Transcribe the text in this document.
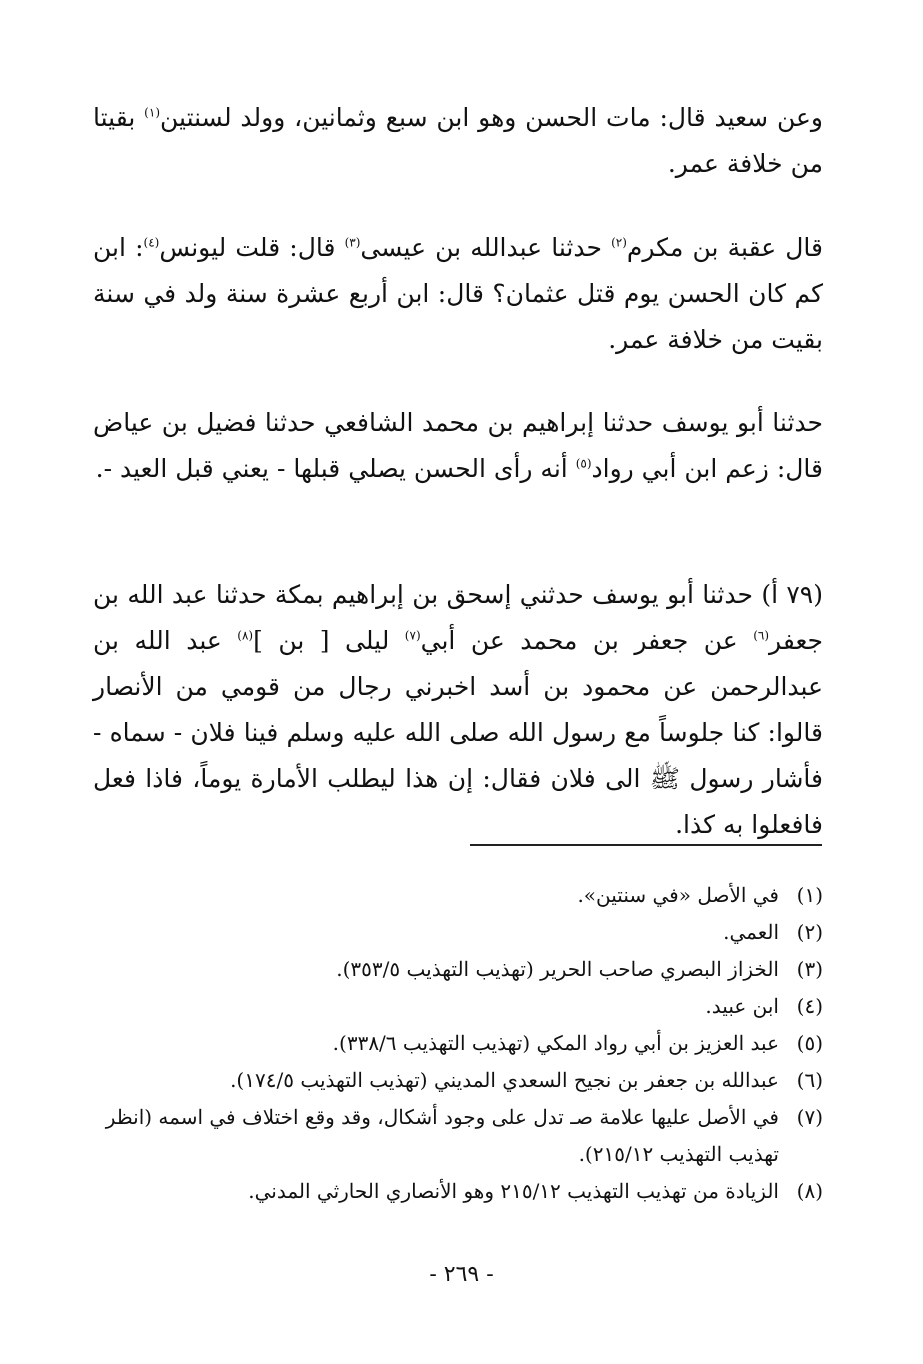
وعن سعيد قال: مات الحسن وهو ابن سبع وثمانين، وولد لسنتين$^{(١)}$ بقيتا من خلافة عمر.

قال عقبة بن مكرم$^{(٢)}$ حدثنا عبدالله بن عيسى$^{(٣)}$ قال: قلت ليونس$^{(٤)}$: ابن كم كان الحسن يوم قتل عثمان؟ قال: ابن أربع عشرة سنة ولد في سنة بقيت من خلافة عمر.

حدثنا أبو يوسف حدثنا إبراهيم بن محمد الشافعي حدثنا فضيل بن عياض قال: زعم ابن أبي رواد$^{(٥)}$ أنه رأى الحسن يصلي قبلها - يعني قبل العيد -.

(٧٩ أ) حدثنا أبو يوسف حدثني إسحق بن إبراهيم بمكة حدثنا عبد الله بن جعفر$^{(٦)}$ عن جعفر بن محمد عن أبي$^{(٧)}$ ليلى [ بن ]$^{(٨)}$ عبد الله بن عبدالرحمن عن محمود بن أسد اخبرني رجال من قومي من الأنصار قالوا: كنا جلوساً مع رسول الله صلى الله عليه وسلم فينا فلان - سماه - فأشار رسول ﷺ الى فلان فقال: إن هذا ليطلب الأمارة يوماً، فاذا فعل فافعلوا به كذا.

(١)
في الأصل «في سنتين».
(٢)
العمي.
(٣)
الخزاز البصري صاحب الحرير (تهذيب التهذيب ٣٥٣/٥).
(٤)
ابن عبيد.
(٥)
عبد العزيز بن أبي رواد المكي (تهذيب التهذيب ٣٣٨/٦).
(٦)
عبدالله بن جعفر بن نجيح السعدي المديني (تهذيب التهذيب ١٧٤/٥).
(٧)
في الأصل عليها علامة صـ تدل على وجود أشكال، وقد وقع اختلاف في اسمه (انظر تهذيب التهذيب ٢١٥/١٢).
(٨)
الزيادة من تهذيب التهذيب ٢١٥/١٢ وهو الأنصاري الحارثي المدني.
- ٢٦٩ -
